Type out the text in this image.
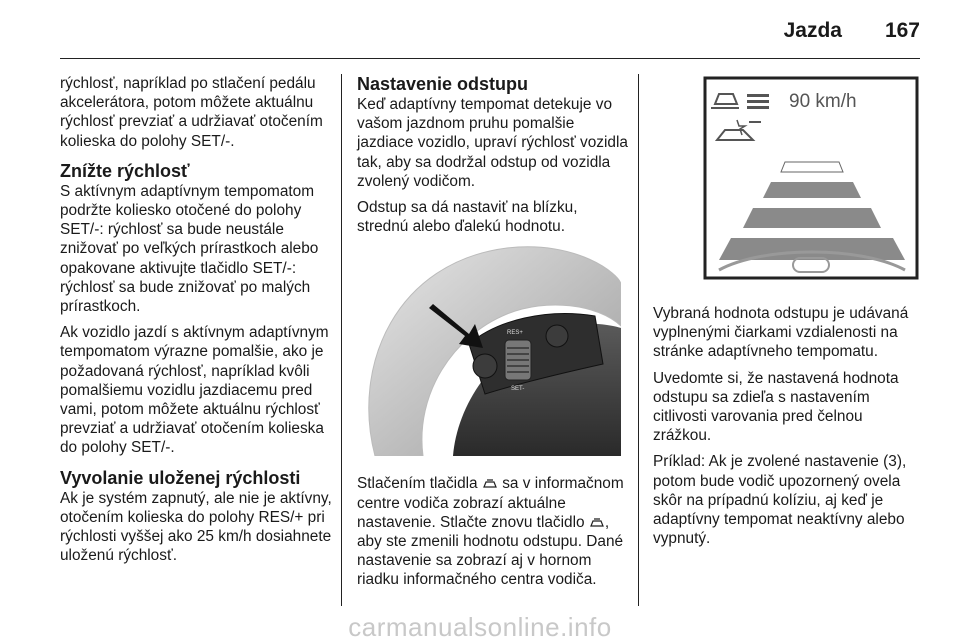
Jazda 167

rýchlosť, napríklad po stlačení pedálu akcelerátora, potom môžete aktuálnu rýchlosť prevziať a udržiavať otočením kolieska do polohy SET/-.

Znížte rýchlosť

S aktívnym adaptívnym tempomatom podržte koliesko otočené do polohy SET/-: rýchlosť sa bude neustále znižovať po veľkých prírastkoch alebo opakovane aktivujte tlačidlo SET/-: rýchlosť sa bude znižovať po malých prírastkoch.

Ak vozidlo jazdí s aktívnym adaptívnym tempomatom výrazne pomalšie, ako je požadovaná rýchlosť, napríklad kvôli pomalšiemu vozidlu jazdiacemu pred vami, potom môžete aktuálnu rýchlosť prevziať a udržiavať otočením kolieska do polohy SET/-.

Vyvolanie uloženej rýchlosti

Ak je systém zapnutý, ale nie je aktívny, otočením kolieska do polohy RES/+ pri rýchlosti vyššej ako 25 km/h dosiahnete uloženú rýchlosť.

Nastavenie odstupu

Keď adaptívny tempomat detekuje vo vašom jazdnom pruhu pomalšie jazdiace vozidlo, upraví rýchlosť vozidla tak, aby sa dodržal odstup od vozidla zvolený vodičom.

Odstup sa dá nastaviť na blízku, strednú alebo ďalekú hodnotu.

RES+
SET-

Stlačením tlačidla sa v informačnom centre vodiča zobrazí aktuálne nastavenie. Stlačte znovu tlačidlo , aby ste zmenili hodnotu odstupu. Dané nastavenie sa zobrazí aj v hornom riadku informačného centra vodiča.

90 km/h

Vybraná hodnota odstupu je udávaná vyplnenými čiarkami vzdialenosti na stránke adaptívneho tempomatu.

Uvedomte si, že nastavená hodnota odstupu sa zdieľa s nastavením citlivosti varovania pred čelnou zrážkou.

Príklad: Ak je zvolené nastavenie (3), potom bude vodič upozornený ovela skôr na prípadnú kolíziu, aj keď je adaptívny tempomat neaktívny alebo vypnutý.

carmanualsonline.info
